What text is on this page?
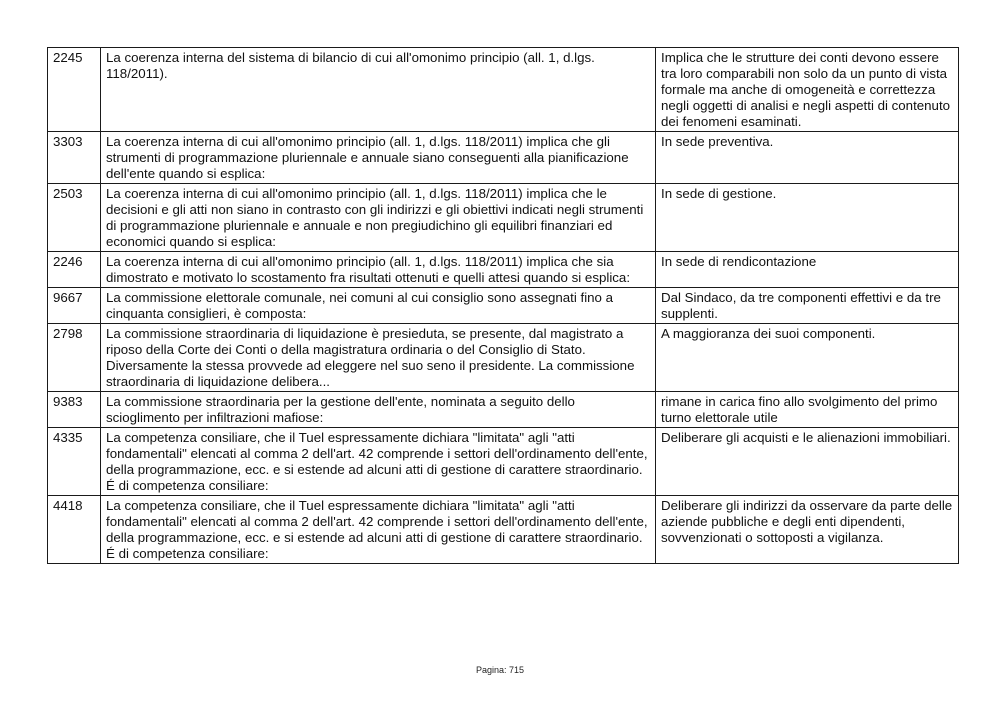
2245	La coerenza interna del sistema di bilancio di cui all'omonimo principio (all. 1, d.lgs. 118/2011).	Implica che le strutture dei conti devono essere tra loro comparabili non solo da un punto di vista formale ma anche di omogeneità e correttezza negli oggetti di analisi e negli aspetti di contenuto dei fenomeni esaminati.
3303	La coerenza interna di cui all'omonimo principio (all. 1, d.lgs. 118/2011) implica che gli strumenti di programmazione pluriennale e annuale siano conseguenti alla pianificazione dell'ente quando si esplica:	In sede preventiva.
2503	La coerenza interna di cui all'omonimo principio (all. 1, d.lgs. 118/2011) implica che le decisioni e gli atti non siano in contrasto con gli indirizzi e gli obiettivi indicati negli strumenti di programmazione pluriennale e annuale e non pregiudichino gli equilibri finanziari ed economici quando si esplica:	In sede di gestione.
2246	La coerenza interna di cui all'omonimo principio (all. 1, d.lgs. 118/2011) implica che sia dimostrato e motivato lo scostamento fra risultati ottenuti e quelli attesi quando si esplica:	In sede di rendicontazione
9667	La commissione elettorale comunale, nei comuni al cui consiglio sono assegnati fino a cinquanta consiglieri, è composta:	Dal Sindaco, da tre componenti effettivi e da tre supplenti.
2798	La commissione straordinaria di liquidazione è presieduta, se presente, dal magistrato a riposo della Corte dei Conti o della magistratura ordinaria o del Consiglio di Stato. Diversamente la stessa provvede ad eleggere nel suo seno il presidente. La commissione straordinaria di liquidazione delibera...	A maggioranza dei suoi componenti.
9383	La commissione straordinaria per la gestione dell'ente, nominata a seguito dello scioglimento per infiltrazioni mafiose:	rimane in carica fino allo svolgimento del primo turno elettorale utile
4335	La competenza consiliare, che il Tuel espressamente dichiara "limitata" agli "atti fondamentali" elencati al comma 2 dell'art. 42 comprende i settori dell'ordinamento dell'ente, della programmazione, ecc. e si estende ad alcuni atti di gestione di carattere straordinario. É di competenza consiliare:	Deliberare gli acquisti e le alienazioni immobiliari.
4418	La competenza consiliare, che il Tuel espressamente dichiara "limitata" agli "atti fondamentali" elencati al comma 2 dell'art. 42 comprende i settori dell'ordinamento dell'ente, della programmazione, ecc. e si estende ad alcuni atti di gestione di carattere straordinario. É di competenza consiliare:	Deliberare gli indirizzi da osservare da parte delle aziende pubbliche e degli enti dipendenti, sovvenzionati o sottoposti a vigilanza.
Pagina: 715
